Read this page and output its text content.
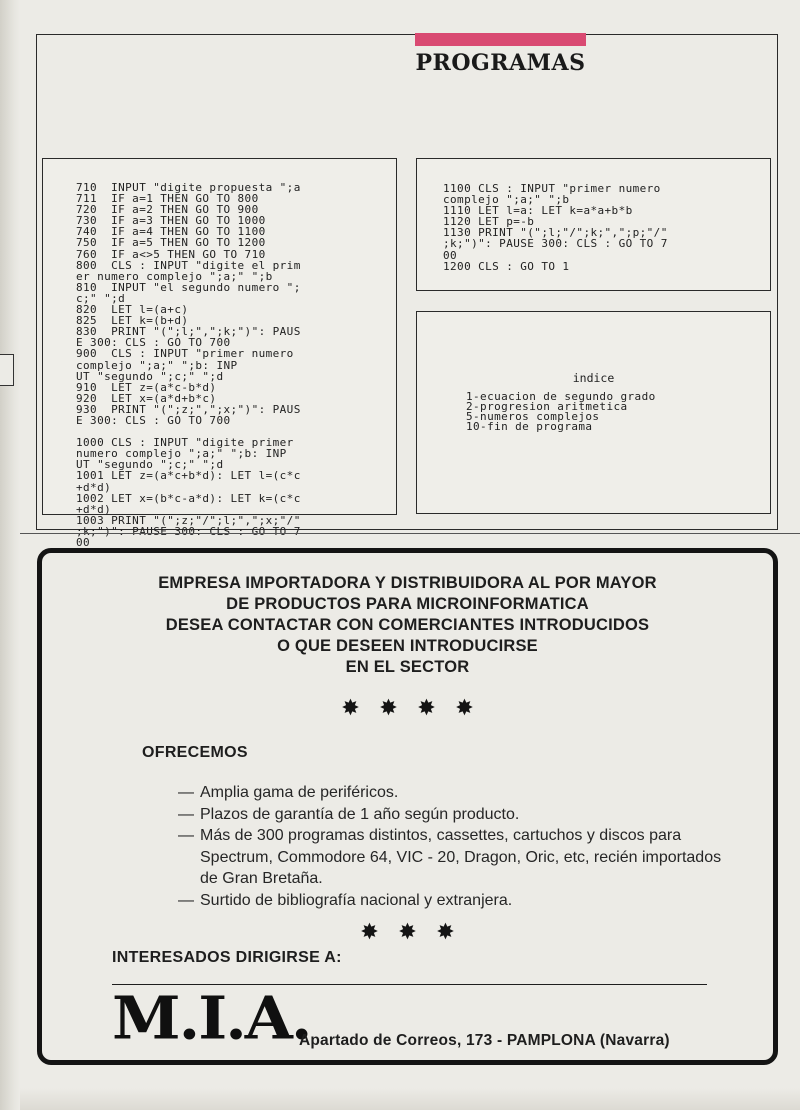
PROGRAMAS
710  INPUT "digite propuesta ";a
711  IF a=1 THEN GO TO 800
720  IF a=2 THEN GO TO 900
730  IF a=3 THEN GO TO 1000
740  IF a=4 THEN GO TO 1100
750  IF a=5 THEN GO TO 1200
760  IF a<>5 THEN GO TO 710
800  CLS : INPUT "digite el prim
er numero complejo ";a;" ";b
810  INPUT "el segundo numero ";
c;" ";d
820  LET l=(a+c)
825  LET k=(b+d)
830  PRINT "(";l;",";k;")": PAUS
E 300: CLS : GO TO 700
900  CLS : INPUT "primer numero
complejo ";a;" ";b: INP
UT "segundo ";c;" ";d
910  LET z=(a*c-b*d)
920  LET x=(a*d+b*c)
930  PRINT "(";z;",";x;")": PAUS
E 300: CLS : GO TO 700

1000 CLS : INPUT "digite primer
numero complejo ";a;" ";b: INP
UT "segundo ";c;" ";d
1001 LET z=(a*c+b*d): LET l=(c*c
+d*d)
1002 LET x=(b*c-a*d): LET k=(c*c
+d*d)
1003 PRINT "(";z;"/";l;",";x;"/"
;k;")": PAUSE 300: CLS : GO TO 7
00
1100 CLS : INPUT "primer numero
complejo ";a;" ";b
1110 LET l=a: LET k=a*a+b*b
1120 LET p=-b
1130 PRINT "(";l;"/";k;",";p;"/"
;k;")": PAUSE 300: CLS : GO TO 7
00
1200 CLS : GO TO 1
indice
1-ecuacion de segundo grado
2-progresion aritmetica
5-numeros complejos
10-fin de programa
EMPRESA IMPORTADORA Y DISTRIBUIDORA AL POR MAYOR
DE PRODUCTOS PARA MICROINFORMATICA
DESEA CONTACTAR CON COMERCIANTES INTRODUCIDOS
O QUE DESEEN INTRODUCIRSE
EN EL SECTOR
✸ ✸ ✸ ✸
OFRECEMOS
— Amplia gama de periféricos.
— Plazos de garantía de 1 año según producto.
— Más de 300 programas distintos, cassettes, cartuchos y discos para Spectrum, Commodore 64, VIC - 20, Dragon, Oric, etc, recién importados de Gran Bretaña.
— Surtido de bibliografía nacional y extranjera.
✸ ✸ ✸
INTERESADOS DIRIGIRSE A:
M.I.A.
Apartado de Correos, 173 - PAMPLONA (Navarra)
